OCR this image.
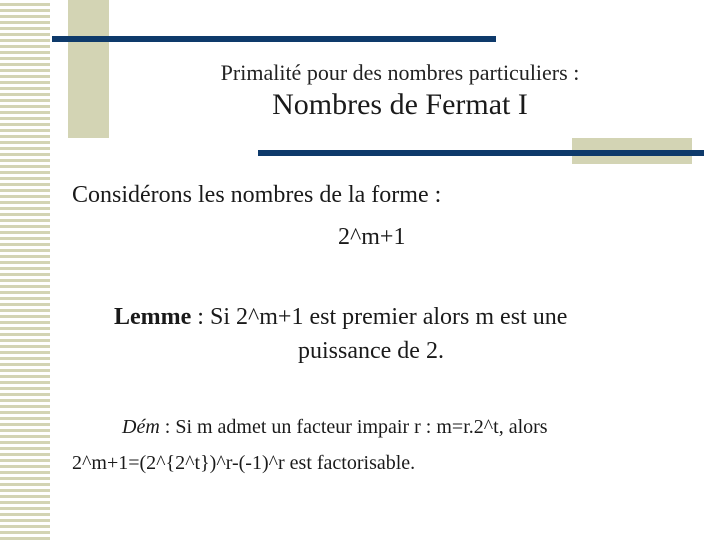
Primalité pour des nombres particuliers :
Nombres de Fermat I
Considérons les nombres de la forme :
2^m+1
Lemme : Si 2^m+1 est premier alors m est une
puissance de 2.
Dém : Si m admet un facteur impair r : m=r.2^t, alors
2^m+1=(2^{2^t})^r-(-1)^r est factorisable.
